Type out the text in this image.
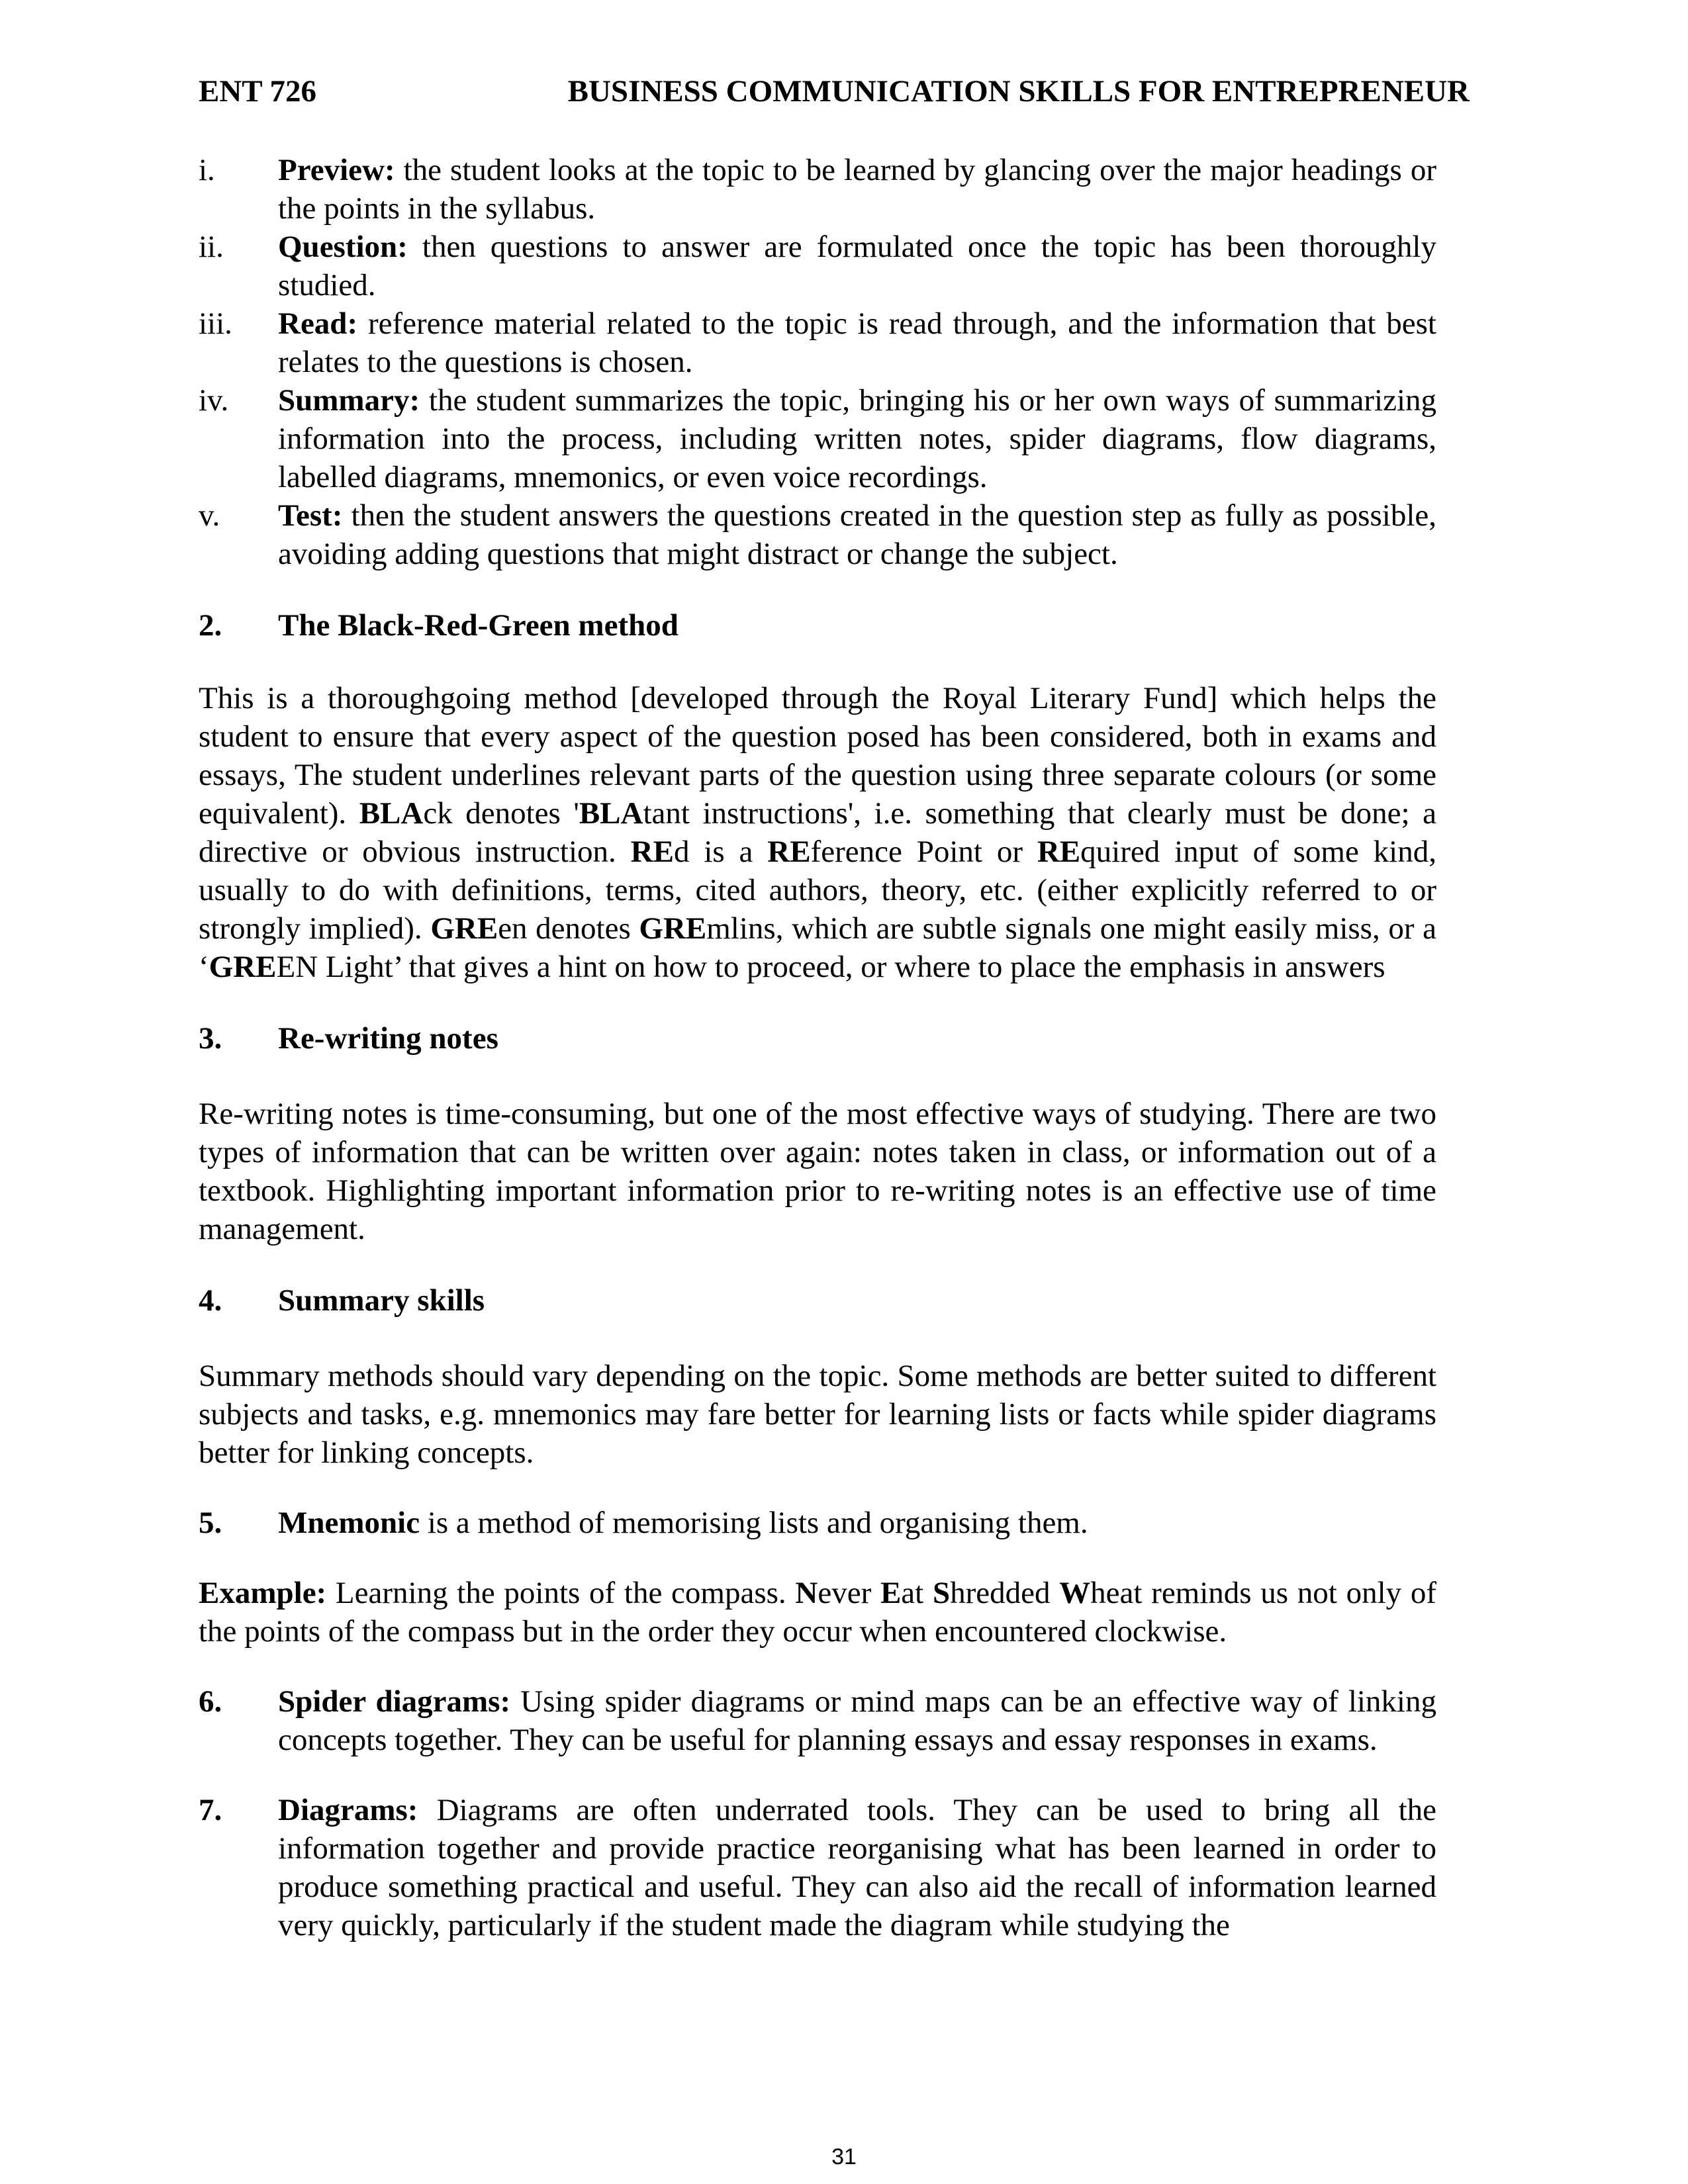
ENT 726	BUSINESS COMMUNICATION SKILLS FOR ENTREPRENEUR
i.	Preview: the student looks at the topic to be learned by glancing over the major headings or the points in the syllabus.
ii.	Question: then questions to answer are formulated once the topic has been thoroughly studied.
iii.	Read: reference material related to the topic is read through, and the information that best relates to the questions is chosen.
iv.	Summary: the student summarizes the topic, bringing his or her own ways of summarizing information into the process, including written notes, spider diagrams, flow diagrams, labelled diagrams, mnemonics, or even voice recordings.
v.	Test: then the student answers the questions created in the question step as fully as possible, avoiding adding questions that might distract or change the subject.
2.	The Black-Red-Green method
This is a thoroughgoing method [developed through the Royal Literary Fund] which helps the student to ensure that every aspect of the question posed has been considered, both in exams and essays, The student underlines relevant parts of the question using three separate colours (or some equivalent). BLAck denotes 'BLAtant instructions', i.e. something that clearly must be done; a directive or obvious instruction. REd is a REference Point or REquired input of some kind, usually to do with definitions, terms, cited authors, theory, etc. (either explicitly referred to or strongly implied). GREen denotes GREmlins, which are subtle signals one might easily miss, or a ‘GREEN Light’ that gives a hint on how to proceed, or where to place the emphasis in answers
3.	Re-writing notes
Re-writing notes is time-consuming, but one of the most effective ways of studying. There are two types of information that can be written over again: notes taken in class, or information out of a textbook. Highlighting important information prior to re-writing notes is an effective use of time management.
4.	Summary skills
Summary methods should vary depending on the topic. Some methods are better suited to different subjects and tasks, e.g. mnemonics may fare better for learning lists or facts while spider diagrams better for linking concepts.
5.	Mnemonic is a method of memorising lists and organising them.
Example: Learning the points of the compass. Never Eat Shredded Wheat reminds us not only of the points of the compass but in the order they occur when encountered clockwise.
6.	Spider diagrams: Using spider diagrams or mind maps can be an effective way of linking concepts together. They can be useful for planning essays and essay responses in exams.
7.	Diagrams: Diagrams are often underrated tools. They can be used to bring all the information together and provide practice reorganising what has been learned in order to produce something practical and useful. They can also aid the recall of information learned very quickly, particularly if the student made the diagram while studying the
31
